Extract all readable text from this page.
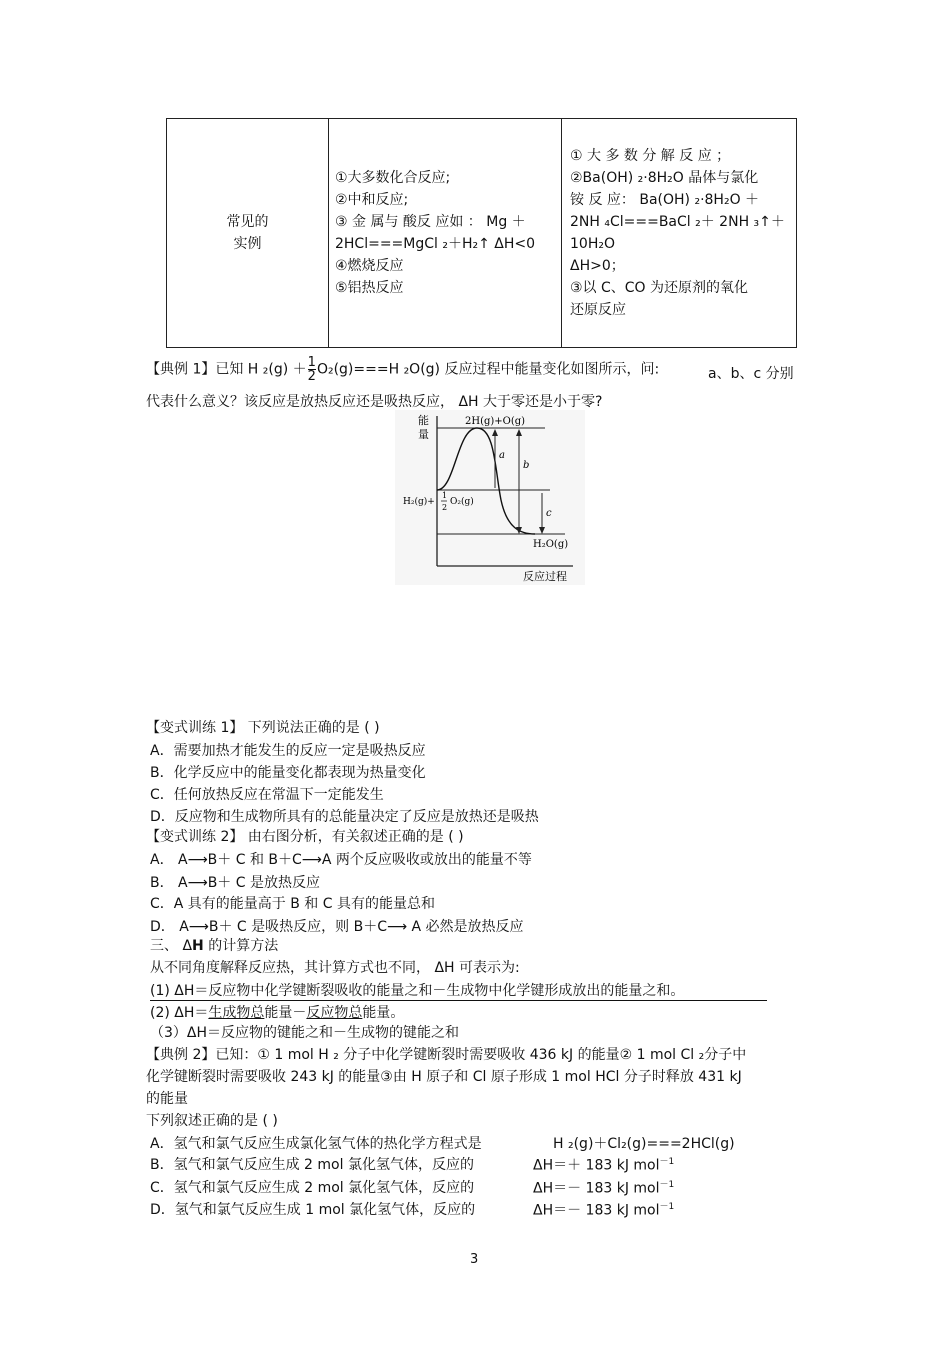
常见的
实例

①大多数化合反应;
②中和反应;
③ 金 属与 酸反 应如 ： Mg ＋
2HCl===MgCl ₂＋H₂↑ ΔH<0
④燃烧反应
⑤铝热反应

① 大 多 数 分 解 反 应 ；
②Ba(OH) ₂·8H₂O 晶体与氯化
铵 反 应： Ba(OH) ₂·8H₂O ＋
2NH ₄Cl===BaCl ₂＋ 2NH ₃↑＋
10H₂O
ΔH>0；
③以 C、CO 为还原剂的氧化
还原反应
【典例 1】已知 H $_2(g) + \frac{1}{2} O_2(g)===H$ ₂O(g) 反应过程中能量变化如图所示，问:	a、b、c 分别
代表什么意义？该反应是放热反应还是吸热反应， ΔH 大于零还是小于零?
能
量
2H(g)+O(g)
H₂(g)+
1
2
O₂(g)
H₂O(g)
反应过程
a
b
c
【变式训练 1】 下列说法正确的是 ( )
A．需要加热才能发生的反应一定是吸热反应
B．化学反应中的能量变化都表现为热量变化
C．任何放热反应在常温下一定能发生
D．反应物和生成物所具有的总能量决定了反应是放热还是吸热
【变式训练 2】 由右图分析，有关叙述正确的是 ( )
A． A⟶B＋ C 和 B＋C⟶A 两个反应吸收或放出的能量不等
B． A⟶B＋ C 是放热反应
C．A 具有的能量高于 B 和 C 具有的能量总和
D． A⟶B＋ C 是吸热反应，则 B＋C⟶ A 必然是放热反应
三、 ΔH 的计算方法
从不同角度解释反应热，其计算方式也不同， ΔH 可表示为:
(1) ΔH＝反应物中化学键断裂吸收的能量之和－生成物中化学键形成放出的能量之和。
(2) ΔH＝生成物总能量－反应物总能量。
（3）ΔH＝反应物的键能之和－生成物的键能之和
【典例 2】已知：① 1 mol H ₂ 分子中化学键断裂时需要吸收 436 kJ 的能量② 1 mol Cl ₂分子中
化学键断裂时需要吸收 243 kJ 的能量③由 H 原子和 Cl 原子形成 1 mol HCl 分子时释放 431 kJ
的能量
下列叙述正确的是 ( )
A．氢气和氯气反应生成氯化氢气体的热化学方程式是	H ₂(g)＋Cl₂(g)===2HCl(g)
B．氢气和氯气反应生成 2 mol 氯化氢气体，反应的	ΔH＝＋ 183 kJ mol$^{-1}$
C．氢气和氯气反应生成 2 mol 氯化氢气体，反应的	ΔH＝－ 183 kJ mol$^{-1}$
D．氢气和氯气反应生成 1 mol 氯化氢气体，反应的	ΔH＝－ 183 kJ mol$^{-1}$
3
